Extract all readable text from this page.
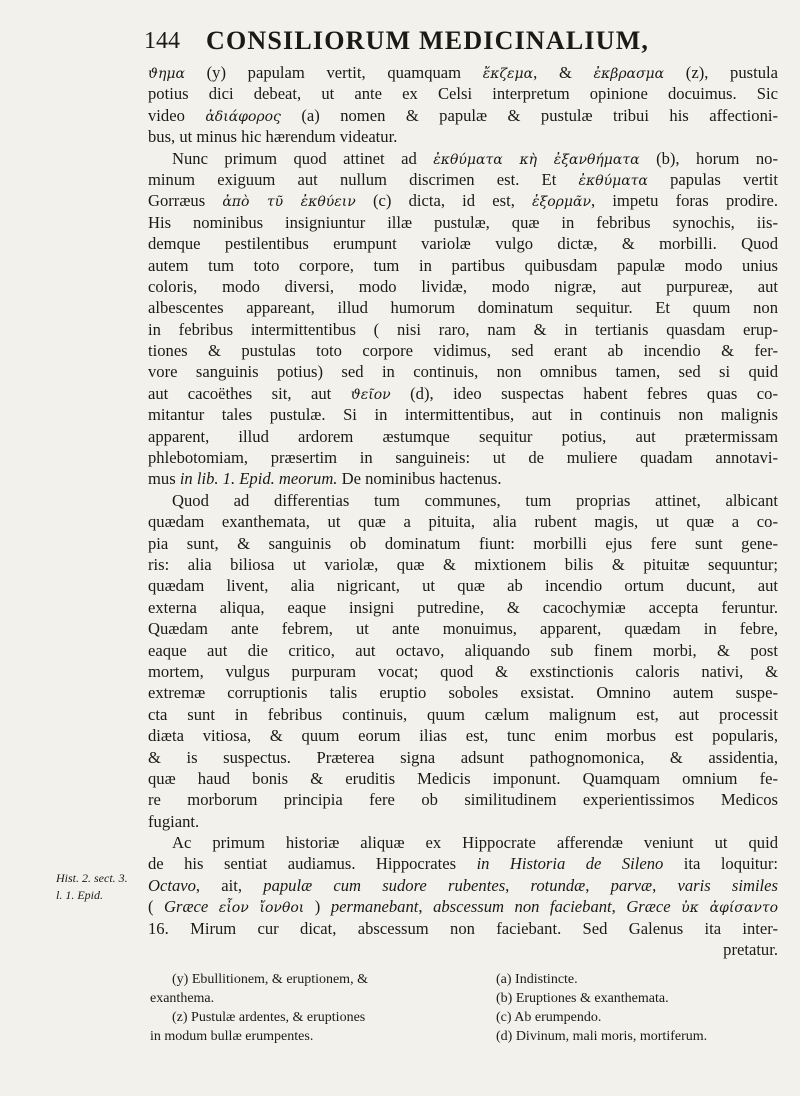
144 CONSILIORUM MEDICINALIUM,
ϑημα (y) papulam vertit, quamquam ἔκζεμα, & ἐκβρασμα (z), pustula
potius dici debeat, ut ante ex Celsi interpretum opinione docuimus. Sic
video ἀδιάφορος (a) nomen & papulæ & pustulæ tribui his affectioni-
bus, ut minus hic hærendum videatur.
Nunc primum quod attinet ad ἐκθύματα κὴ ἐξανθήματα (b), horum no-
minum exiguum aut nullum discrimen est. Et ἐκθύματα papulas vertit
Gorræus ἀπὸ τῦ ἐκθύειν (c) dicta, id est, ἐξορμᾶν, impetu foras prodire.
His nominibus insigniuntur illæ pustulæ, quæ in febribus synochis, iis-
demque pestilentibus erumpunt variolæ vulgo dictæ, & morbilli. Quod
autem tum toto corpore, tum in partibus quibusdam papulæ modo unius
coloris, modo diversi, modo lividæ, modo nigræ, aut purpureæ, aut
albescentes appareant, illud humorum dominatum sequitur. Et quum non
in febribus intermittentibus ( nisi raro, nam & in tertianis quasdam erup-
tiones & pustulas toto corpore vidimus, sed erant ab incendio & fer-
vore sanguinis potius) sed in continuis, non omnibus tamen, sed si quid
aut cacoëthes sit, aut ϑεῖον (d), ideo suspectas habent febres quas co-
mitantur tales pustulæ. Si in intermittentibus, aut in continuis non malignis
apparent, illud ardorem æstumque sequitur potius, aut prætermissam
phlebotomiam, præsertim in sanguineis: ut de muliere quadam annotavi-
mus in lib. 1. Epid. meorum. De nominibus hactenus.
Quod ad differentias tum communes, tum proprias attinet, albicant
quædam exanthemata, ut quæ a pituita, alia rubent magis, ut quæ a co-
pia sunt, & sanguinis ob dominatum fiunt: morbilli ejus fere sunt gene-
ris: alia biliosa ut variolæ, quæ & mixtionem bilis & pituitæ sequuntur;
quædam livent, alia nigricant, ut quæ ab incendio ortum ducunt, aut
externa aliqua, eaque insigni putredine, & cacochymiæ accepta feruntur.
Quædam ante febrem, ut ante monuimus, apparent, quædam in febre,
eaque aut die critico, aut octavo, aliquando sub finem morbi, & post
mortem, vulgus purpuram vocat; quod & exstinctionis caloris nativi, &
extremæ corruptionis talis eruptio soboles exsistat. Omnino autem suspe-
cta sunt in febribus continuis, quum cælum malignum est, aut processit
diæta vitiosa, & quum eorum ilias est, tunc enim morbus est popularis,
& is suspectus. Præterea signa adsunt pathognomonica, & assidentia,
quæ haud bonis & eruditis Medicis imponunt. Quamquam omnium fe-
re morborum principia fere ob similitudinem experientissimos Medicos
fugiant.
Ac primum historiæ aliquæ ex Hippocrate afferendæ veniunt ut quid
de his sentiat audiamus. Hippocrates in Historia de Sileno ita loquitur:
Octavo, ait, papulæ cum sudore rubentes, rotundæ, parvæ, varis similes
( Græce εἶον ἴονθοι ) permanebant, abscessum non faciebant, Græce ὐκ ἀφίσαντο
16. Mirum cur dicat, abscessum non faciebant. Sed Galenus ita inter-
pretatur.
Hist. 2. sect. 3.
l. 1. Epid.
(y) Ebullitionem, & eruptionem, &
exanthema.
(z) Pustulæ ardentes, & eruptiones
in modum bullæ erumpentes.
(a) Indistincte.
(b) Eruptiones & exanthemata.
(c) Ab erumpendo.
(d) Divinum, mali moris, mortiferum.
